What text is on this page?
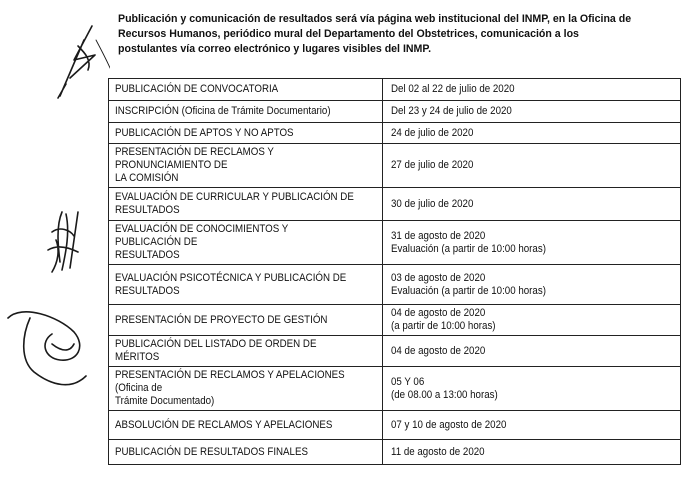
Publicación y comunicación de resultados será vía página web institucional del INMP, en la Oficina de Recursos Humanos, periódico mural del Departamento del Obstetrices, comunicación a los postulantes vía correo electrónico y lugares visibles del INMP.
PUBLICACIÓN DE CONVOCATORIA	Del 02 al 22 de julio de 2020

INSCRIPCIÓN (Oficina de Trámite Documentario)	Del 23 y 24 de julio de 2020

PUBLICACIÓN DE APTOS Y NO APTOS	24 de julio de 2020

PRESENTACIÓN DE RECLAMOS Y PRONUNCIAMIENTO DE
LA COMISIÓN	27 de julio de 2020

EVALUACIÓN DE CURRICULAR Y PUBLICACIÓN DE
RESULTADOS	30 de julio de 2020

EVALUACIÓN DE CONOCIMIENTOS Y PUBLICACIÓN DE
RESULTADOS	31 de agosto de 2020
Evaluación (a partir de 10:00 horas)

EVALUACIÓN PSICOTÉCNICA Y PUBLICACIÓN DE
RESULTADOS	03 de agosto de 2020
Evaluación (a partir de 10:00 horas)

PRESENTACIÓN DE PROYECTO DE GESTIÓN	04 de agosto de 2020
(a partir de 10:00 horas)

PUBLICACIÓN DEL LISTADO DE ORDEN DE MÉRITOS	04 de agosto de 2020

PRESENTACIÓN DE RECLAMOS Y APELACIONES (Oficina de
Trámite Documentado)	05 Y 06
(de 08.00 a 13:00 horas)

ABSOLUCIÓN DE RECLAMOS Y APELACIONES	07 y 10 de agosto de 2020

PUBLICACIÓN DE RESULTADOS FINALES	11 de agosto de 2020
